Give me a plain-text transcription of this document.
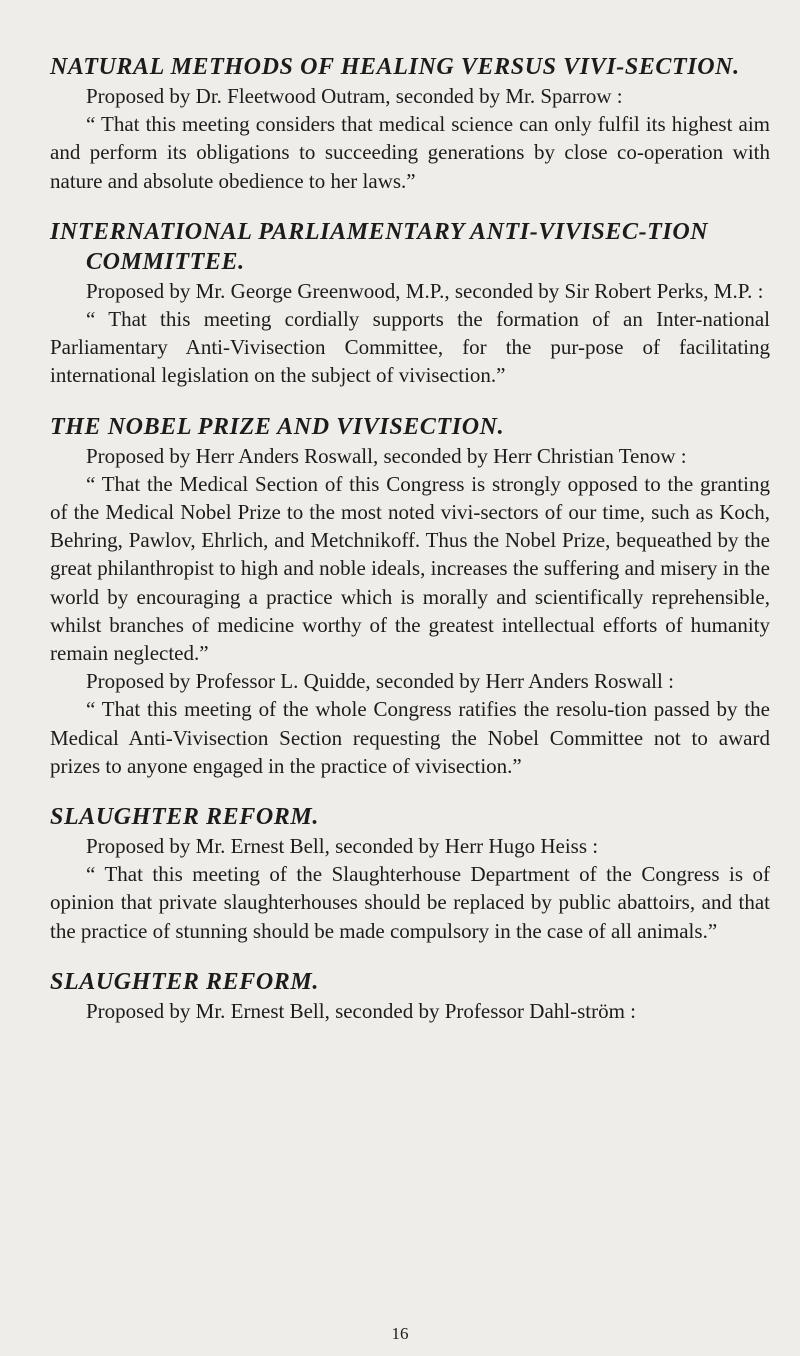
NATURAL METHODS OF HEALING VERSUS VIVI-SECTION.

Proposed by Dr. Fleetwood Outram, seconded by Mr. Sparrow :

“ That this meeting considers that medical science can only fulfil its highest aim and perform its obligations to succeeding generations by close co-operation with nature and absolute obedience to her laws.”

INTERNATIONAL PARLIAMENTARY ANTI-VIVISEC-TION COMMITTEE.

Proposed by Mr. George Greenwood, M.P., seconded by Sir Robert Perks, M.P. :

“ That this meeting cordially supports the formation of an Inter-national Parliamentary Anti-Vivisection Committee, for the pur-pose of facilitating international legislation on the subject of vivisection.”

THE NOBEL PRIZE AND VIVISECTION.

Proposed by Herr Anders Roswall, seconded by Herr Christian Tenow :

“ That the Medical Section of this Congress is strongly opposed to the granting of the Medical Nobel Prize to the most noted vivi-sectors of our time, such as Koch, Behring, Pawlov, Ehrlich, and Metchnikoff. Thus the Nobel Prize, bequeathed by the great philanthropist to high and noble ideals, increases the suffering and misery in the world by encouraging a practice which is morally and scientifically reprehensible, whilst branches of medicine worthy of the greatest intellectual efforts of humanity remain neglected.”

Proposed by Professor L. Quidde, seconded by Herr Anders Roswall :

“ That this meeting of the whole Congress ratifies the resolu-tion passed by the Medical Anti-Vivisection Section requesting the Nobel Committee not to award prizes to anyone engaged in the practice of vivisection.”

SLAUGHTER REFORM.

Proposed by Mr. Ernest Bell, seconded by Herr Hugo Heiss :

“ That this meeting of the Slaughterhouse Department of the Congress is of opinion that private slaughterhouses should be replaced by public abattoirs, and that the practice of stunning should be made compulsory in the case of all animals.”

SLAUGHTER REFORM.

Proposed by Mr. Ernest Bell, seconded by Professor Dahl-ström :

16
